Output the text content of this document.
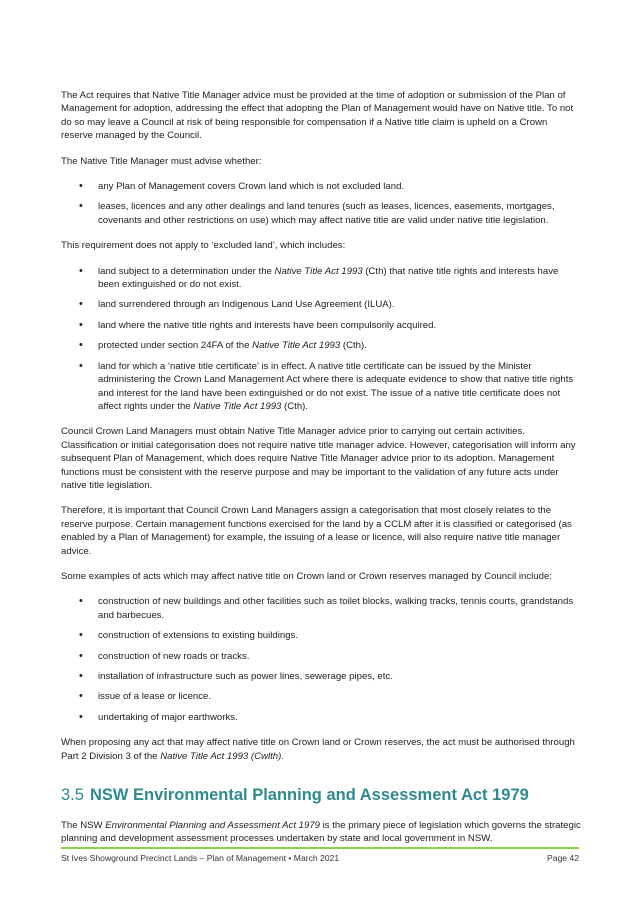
The Act requires that Native Title Manager advice must be provided at the time of adoption or submission of the Plan of Management for adoption, addressing the effect that adopting the Plan of Management would have on Native title. To not do so may leave a Council at risk of being responsible for compensation if a Native title claim is upheld on a Crown reserve managed by the Council.

The Native Title Manager must advise whether:

• any Plan of Management covers Crown land which is not excluded land.
• leases, licences and any other dealings and land tenures (such as leases, licences, easements, mortgages, covenants and other restrictions on use) which may affect native title are valid under native title legislation.

This requirement does not apply to ‘excluded land’, which includes:

• land subject to a determination under the Native Title Act 1993 (Cth) that native title rights and interests have been extinguished or do not exist.
• land surrendered through an Indigenous Land Use Agreement (ILUA).
• land where the native title rights and interests have been compulsorily acquired.
• protected under section 24FA of the Native Title Act 1993 (Cth).
• land for which a ‘native title certificate’ is in effect. A native title certificate can be issued by the Minister administering the Crown Land Management Act where there is adequate evidence to show that native title rights and interest for the land have been extinguished or do not exist. The issue of a native title certificate does not affect rights under the Native Title Act 1993 (Cth).

Council Crown Land Managers must obtain Native Title Manager advice prior to carrying out certain activities. Classification or initial categorisation does not require native title manager advice. However, categorisation will inform any subsequent Plan of Management, which does require Native Title Manager advice prior to its adoption. Management functions must be consistent with the reserve purpose and may be important to the validation of any future acts under native title legislation.

Therefore, it is important that Council Crown Land Managers assign a categorisation that most closely relates to the reserve purpose. Certain management functions exercised for the land by a CCLM after it is classified or categorised (as enabled by a Plan of Management) for example, the issuing of a lease or licence, will also require native title manager advice.

Some examples of acts which may affect native title on Crown land or Crown reserves managed by Council include:

• construction of new buildings and other facilities such as toilet blocks, walking tracks, tennis courts, grandstands and barbecues.
• construction of extensions to existing buildings.
• construction of new roads or tracks.
• installation of infrastructure such as power lines, sewerage pipes, etc.
• issue of a lease or licence.
• undertaking of major earthworks.

When proposing any act that may affect native title on Crown land or Crown reserves, the act must be authorised through Part 2 Division 3 of the Native Title Act 1993 (Cwlth).

3.5 NSW Environmental Planning and Assessment Act 1979

The NSW Environmental Planning and Assessment Act 1979 is the primary piece of legislation which governs the strategic planning and development assessment processes undertaken by state and local government in NSW.

St Ives Showground Precinct Lands – Plan of Management • March 2021	Page 42
